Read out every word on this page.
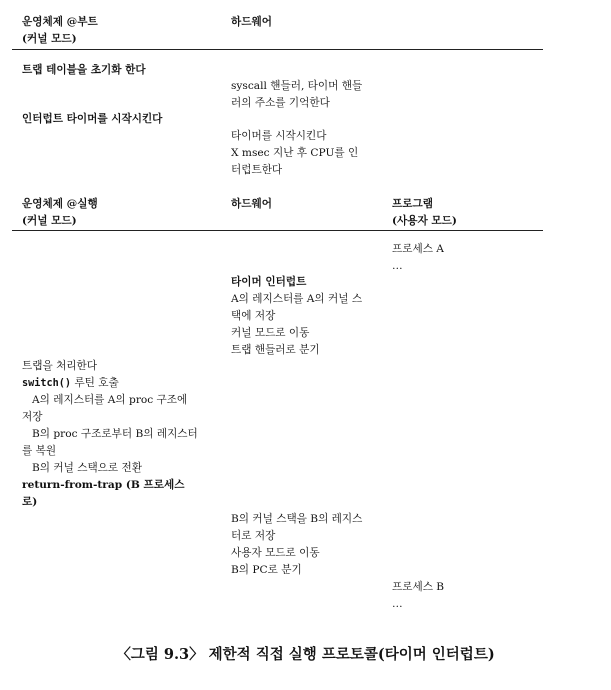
운영체제 @부트
(커널 모드)
하드웨어
트랩 테이블을 초기화 한다
syscall 핸들러, 타이머 핸들
러의 주소를 기억한다
인터럽트 타이머를 시작시킨다
타이머를 시작시킨다
X msec 지난 후 CPU를 인
터럽트한다
운영체제 @실행
(커널 모드)
하드웨어	프로그램
(사용자 모드)
프로세스 A
…
타이머 인터럽트
A의 레지스터를 A의 커널 스
택에 저장
커널 모드로 이동
트랩 핸들러로 분기
트랩을 처리한다
switch() 루틴 호출
A의 레지스터를 A의 proc 구조에
저장
B의 proc 구조로부터 B의 레지스터
를 복원
B의 커널 스택으로 전환
return-from-trap (B 프로세스
로)
B의 커널 스택을 B의 레지스
터로 저장
사용자 모드로 이동
B의 PC로 분기
프로세스 B
…
〈그림 9.3〉 제한적 직접 실행 프로토콜(타이머 인터럽트)
